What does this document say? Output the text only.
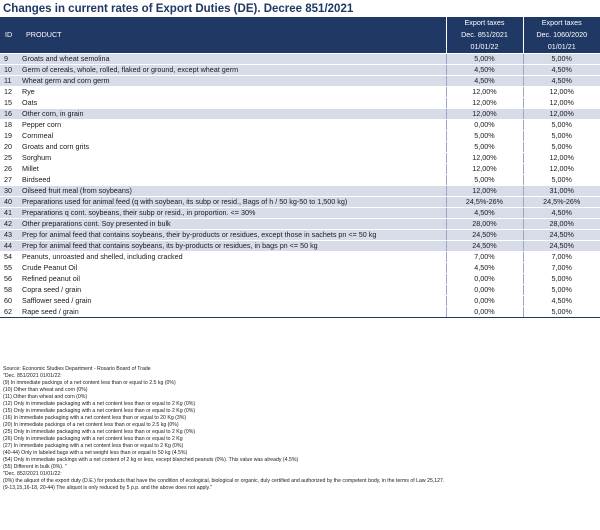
Changes in current rates of Export Duties (DE). Decree 851/2021
		Export taxes	Export taxes
ID	PRODUCT	Dec. 851/2021	Dec. 1060/2020
		01/01/22	01/01/21
9	Groats and wheat semolina	5,00%	5,00%
10	Germ of cereals, whole, rolled, flaked or ground, except wheat germ	4,50%	4,50%
11	Wheat germ and corn germ	4,50%	4,50%
12	Rye	12,00%	12,00%
15	Oats	12,00%	12,00%
16	Other corn, in grain	12,00%	12,00%
18	Pepper corn	0,00%	5,00%
19	Cornmeal	5,00%	5,00%
20	Groats and corn grits	5,00%	5,00%
25	Sorghum	12,00%	12,00%
26	Millet	12,00%	12,00%
27	Birdseed	5,00%	5,00%
30	Oilseed fruit meal (from soybeans)	12,00%	31,00%
40	Preparations used for animal feed (q with soybean, its subp or resid., Bags of h / 50 kg-50 to 1,500 kg)	24,5%-26%	24,5%-26%
41	Preparations q cont. soybeans, their subp or resid., in proportion. <= 30%	4,50%	4,50%
42	Other preparations cont. Soy presented in bulk	28,00%	28,00%
43	Prep for animal feed that contains soybeans, their by-products or residues, except those in sachets pn <= 50 kg	24,50%	24,50%
44	Prep for animal feed that contains soybeans, its by-products or residues, in bags pn <= 50 kg	24,50%	24,50%
54	Peanuts, unroasted and shelled, including cracked	7,00%	7,00%
55	Crude Peanut Oil	4,50%	7,00%
56	Refined peanut oil	0,00%	5,00%
58	Copra seed / grain	0,00%	5,00%
60	Safflower seed / grain	0,00%	4,50%
62	Rape seed / grain	0,00%	5,00%
Source: Economic Studies Department - Rosario Board of Trade
"Dec. 851/2021 01/01/22:
(9) In immediate packings of a net content less than or equal to 2.5 kg (0%)
(10) Other than wheat and corn (0%)
(11) Other than wheat and corn (0%)
(12) Only in immediate packaging with a net content less than or equal to 2 Kg (0%)
(15) Only in immediate packaging with a net content less than or equal to 2 Kg (0%)
(16) In immediate packaging with a net content less than or equal to 20 Kg (3%)
(20) In immediate packings of a net content less than or equal to 2.5 kg (0%)
(25) Only in immediate packaging with a net content less than or equal to 2 Kg (0%)
(26) Only in immediate packaging with a net content less than or equal to 2 Kg
(27) In immediate packaging with a net content less than or equal to 2 Kg (0%)
(40-44) Only in labeled bags with a net weight less than or equal to 50 kg (4.5%)
(54) Only in immediate packings with a net content of 2 kg or less, except blanched peanuts (0%). This value was already (4.5%)
(55) Different in bulk (0%). "
"Dec. 852/2021 01/01/22:
(0%) the aliquot of the export duty (D.E.) for products that have the condition of ecological, biological or organic, duly certified and authorized by the competent body, in the terms of Law 25,127.
(9-13,15,16-18, 20-44) The aliquot is only reduced by 5 p.p. and the above does not apply."
